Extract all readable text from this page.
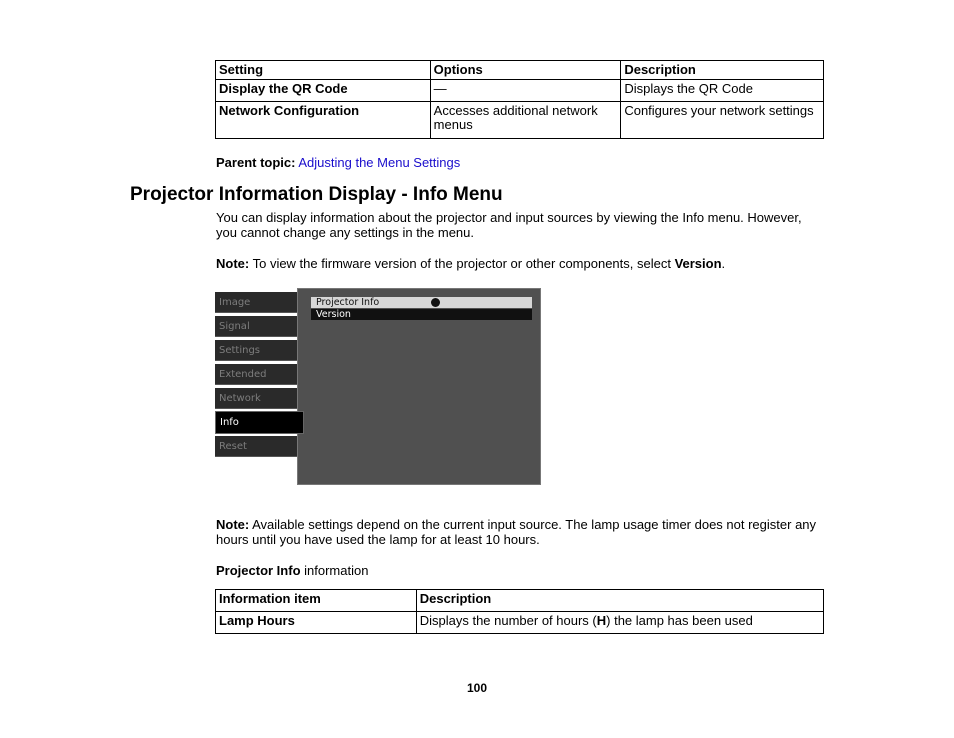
Setting	Options	Description
Display the QR Code	—	Displays the QR Code
Network Configuration	Accesses additional network menus	Configures your network settings

Parent topic: Adjusting the Menu Settings

Projector Information Display - Info Menu

You can display information about the projector and input sources by viewing the Info menu. However, you cannot change any settings in the menu.

Note: To view the firmware version of the projector or other components, select Version.

Image
Signal
Settings
Extended
Network
Projector Info
Version
Info
Reset

Note: Available settings depend on the current input source. The lamp usage timer does not register any hours until you have used the lamp for at least 10 hours.

Projector Info information

Information item	Description
Lamp Hours	Displays the number of hours (H) the lamp has been used

100
